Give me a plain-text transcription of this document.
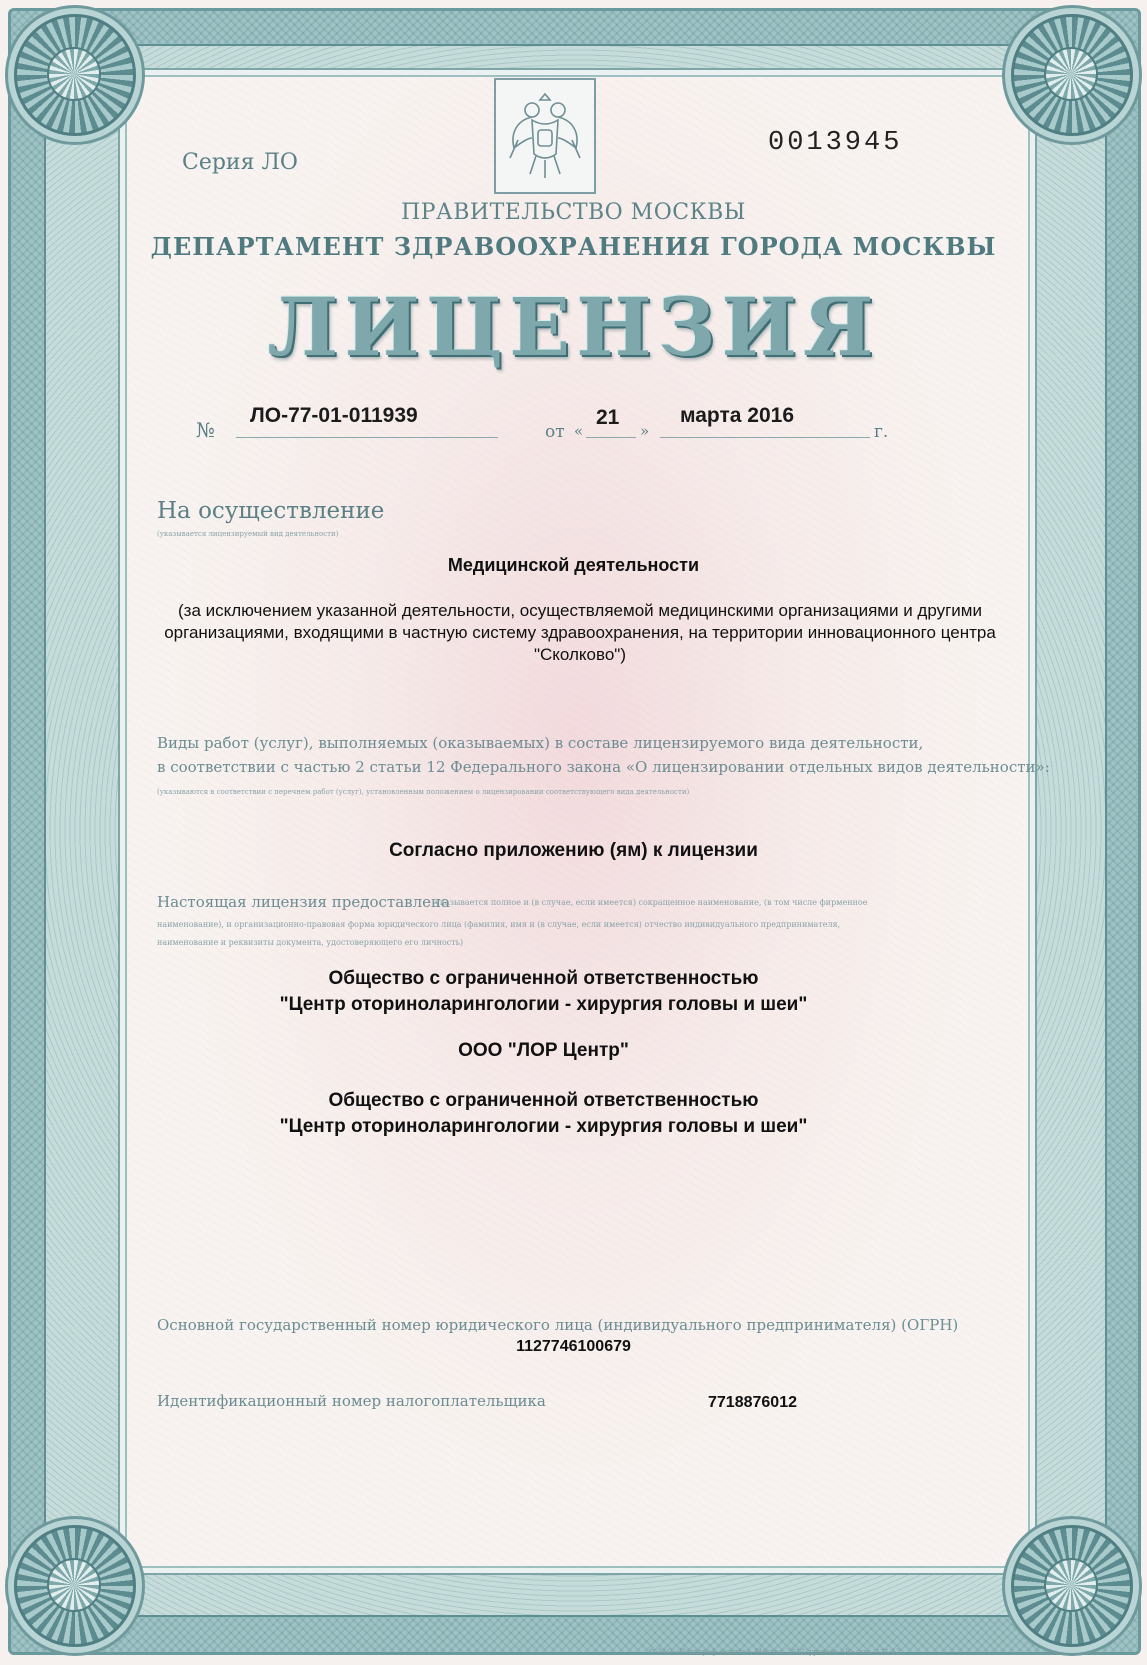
Серия ЛО
0013945
ПРАВИТЕЛЬСТВО МОСКВЫ
ДЕПАРТАМЕНТ ЗДРАВООХРАНЕНИЯ ГОРОДА МОСКВЫ
ЛИЦЕНЗИЯ
№
ЛО-77-01-011939
от «
21
»
марта 2016
г.
На осуществление
(указывается лицензируемый вид деятельности)
Медицинской деятельности
(за исключением указанной деятельности, осуществляемой медицинскими организациями и другими организациями, входящими в частную систему здравоохранения, на территории инновационного центра "Сколково")
Виды работ (услуг), выполняемых (оказываемых) в составе лицензируемого вида деятельности,
в соответствии с частью 2 статьи 12 Федерального закона «О лицензировании отдельных видов деятельности»:
(указываются в соответствии с перечнем работ (услуг), установленным положением о лицензировании соответствующего вида деятельности)
Согласно приложению (ям) к лицензии
Настоящая лицензия предоставлена
(указывается полное и (в случае, если имеется) сокращенное наименование, (в том числе фирменное
наименование), и организационно-правовая форма юридического лица (фамилия, имя и (в случае, если имеется) отчество индивидуального предпринимателя,
наименование и реквизиты документа, удостоверяющего его личность)
Общество с ограниченной ответственностью
"Центр оториноларингологии - хирургия головы и шеи"
ООО "ЛОР Центр"
Общество с ограниченной ответственностью
"Центр оториноларингологии - хирургия головы и шеи"
Основной государственный номер юридического лица (индивидуального предпринимателя) (ОГРН)
1127746100679
Идентификационный номер налогоплательщика	7718876012
© ЗАО «Полиграф-защита», Москва, 2012, уровень «В», зак. 131-12
